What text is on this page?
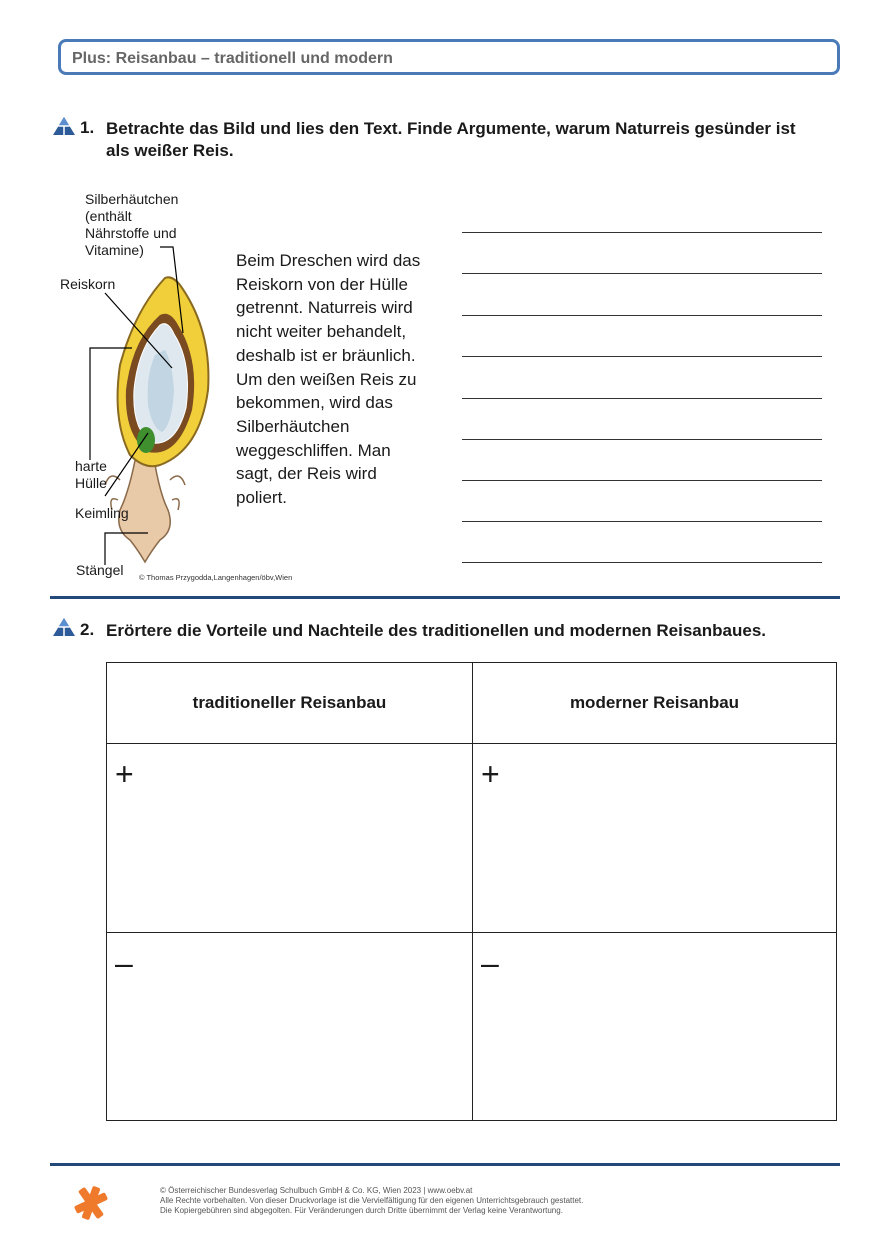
Plus: Reisanbau – traditionell und modern
1. Betrachte das Bild und lies den Text. Finde Argumente, warum Naturreis gesünder ist
als weißer Reis.
Silberhäutchen
(enthält
Nährstoffe und
Vitamine)
Reiskorn
harte
Hülle
Keimling
Stängel © Thomas Przygodda,Langenhagen/öbv,Wien
Beim Dreschen wird das Reiskorn von der Hülle getrennt. Naturreis wird nicht weiter behandelt, deshalb ist er bräunlich. Um den weißen Reis zu bekommen, wird das Silberhäutchen weggeschliffen. Man sagt, der Reis wird poliert.
2. Erörtere die Vorteile und Nachteile des traditionellen und modernen Reisanbaues.
traditioneller Reisanbau	moderner Reisanbau

+	+

–	–
© Österreichischer Bundesverlag Schulbuch GmbH & Co. KG, Wien 2023 | www.oebv.at
Alle Rechte vorbehalten. Von dieser Druckvorlage ist die Vervielfältigung für den eigenen Unterrichtsgebrauch gestattet.
Die Kopiergebühren sind abgegolten. Für Veränderungen durch Dritte übernimmt der Verlag keine Verantwortung.
